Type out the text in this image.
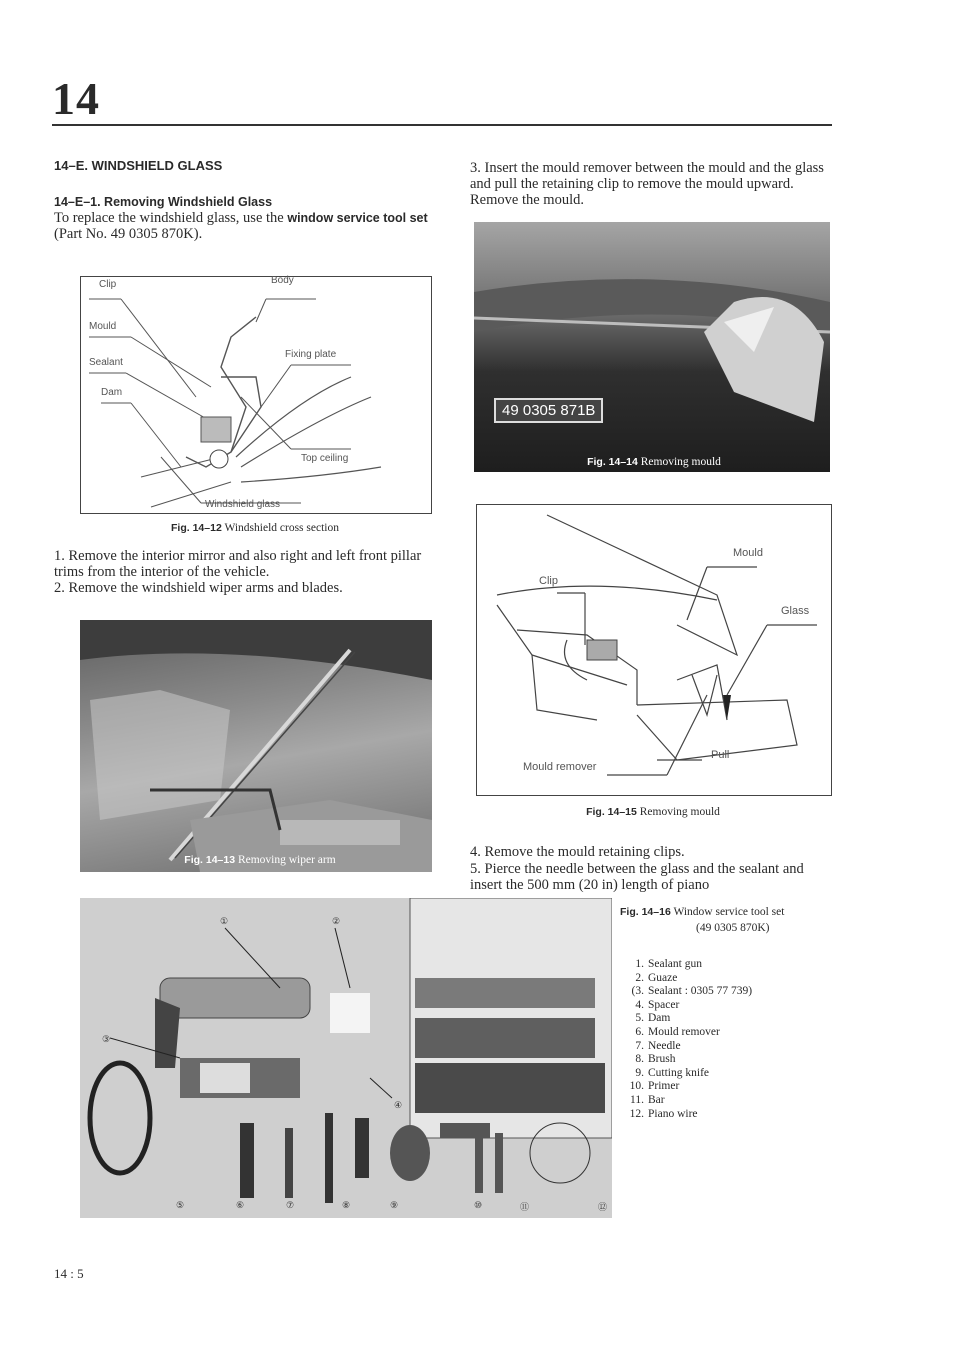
14
14–E. WINDSHIELD GLASS
14–E–1. Removing Windshield Glass
To replace the windshield glass, use the window service tool set (Part No. 49 0305 870K).
Clip	Body
Mould
Sealant
Fixing plate
Dam
Top ceiling
Windshield glass
Fig. 14–12 Windshield cross section
1. Remove the interior mirror and also right and left front pillar trims from the interior of the vehicle.
2. Remove the windshield wiper arms and blades.
Fig. 14–13 Removing wiper arm
3. Insert the mould remover between the mould and the glass and pull the retaining clip to remove the mould upward. Remove the mould.
49 0305 871B
Fig. 14–14 Removing mould
Mould
Clip
Glass
Pull
Mould remover
Fig. 14–15 Removing mould
4. Remove the mould retaining clips.
5. Pierce the needle between the glass and the sealant and insert the 500 mm (20 in) length of piano
①	②
③
④
⑤	⑥	⑦	⑧	⑨	⑩	⑪	⑫
Fig. 14–16 Window service tool set
(49 0305 870K)
1. Sealant gun
2. Guaze
(3. Sealant : 0305 77 739)
4. Spacer
5. Dam
6. Mould remover
7. Needle
8. Brush
9. Cutting knife
10. Primer
11. Bar
12. Piano wire
14 : 5
